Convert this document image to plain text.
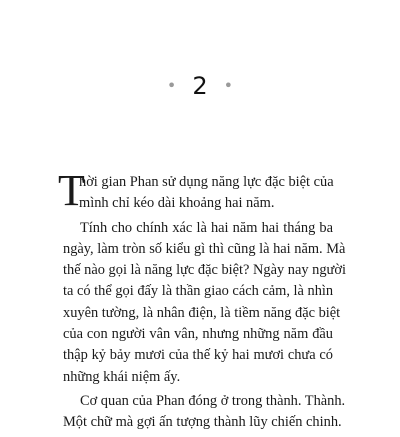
• 2 •

T
hời gian Phan sử dụng năng lực đặc biệt của
mình chỉ kéo dài khoảng hai năm.

Tính cho chính xác là hai năm hai tháng ba
ngày, làm tròn số kiểu gì thì cũng là hai năm. Mà
thế nào gọi là năng lực đặc biệt? Ngày nay người
ta có thể gọi đấy là thần giao cách cảm, là nhìn
xuyên tường, là nhân điện, là tiềm năng đặc biệt
của con người vân vân, nhưng những năm đầu
thập kỷ bảy mươi của thế kỷ hai mươi chưa có
những khái niệm ấy.

Cơ quan của Phan đóng ở trong thành. Thành.
Một chữ mà gợi ấn tượng thành lũy chiến chinh.
